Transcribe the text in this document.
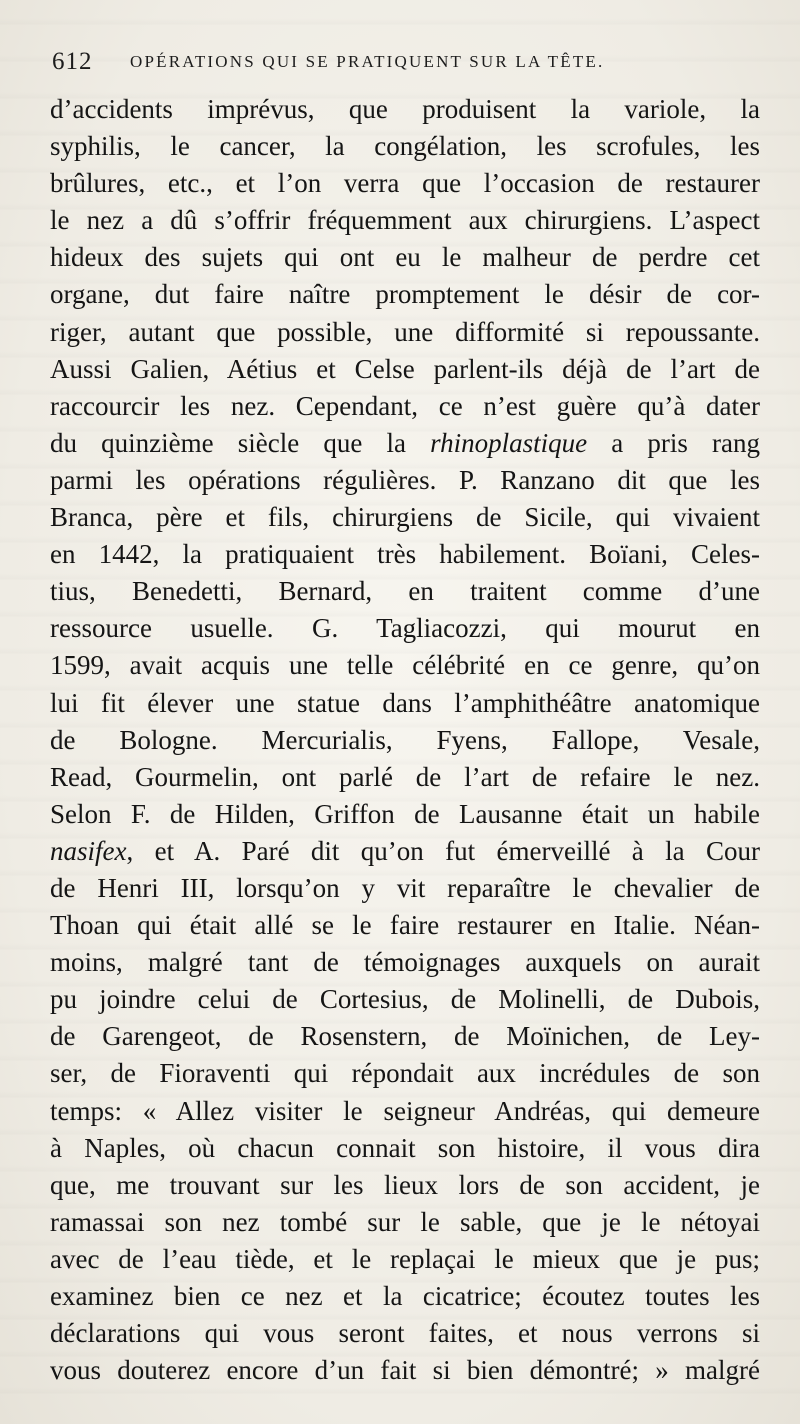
612 OPÉRATIONS QUI SE PRATIQUENT SUR LA TÊTE.
d’accidents imprévus, que produisent la variole, la
syphilis, le cancer, la congélation, les scrofules, les
brûlures, etc., et l’on verra que l’occasion de restaurer
le nez a dû s’offrir fréquemment aux chirurgiens. L’aspect
hideux des sujets qui ont eu le malheur de perdre cet
organe, dut faire naître promptement le désir de cor-
riger, autant que possible, une difformité si repoussante.
Aussi Galien, Aétius et Celse parlent-ils déjà de l’art de
raccourcir les nez. Cependant, ce n’est guère qu’à dater
du quinzième siècle que la rhinoplastique a pris rang
parmi les opérations régulières. P. Ranzano dit que les
Branca, père et fils, chirurgiens de Sicile, qui vivaient
en 1442, la pratiquaient très habilement. Boïani, Celes-
tius, Benedetti, Bernard, en traitent comme d’une
ressource usuelle. G. Tagliacozzi, qui mourut en
1599, avait acquis une telle célébrité en ce genre, qu’on
lui fit élever une statue dans l’amphithéâtre anatomique
de Bologne. Mercurialis, Fyens, Fallope, Vesale,
Read, Gourmelin, ont parlé de l’art de refaire le nez.
Selon F. de Hilden, Griffon de Lausanne était un habile
nasifex, et A. Paré dit qu’on fut émerveillé à la Cour
de Henri III, lorsqu’on y vit reparaître le chevalier de
Thoan qui était allé se le faire restaurer en Italie. Néan-
moins, malgré tant de témoignages auxquels on aurait
pu joindre celui de Cortesius, de Molinelli, de Dubois,
de Garengeot, de Rosenstern, de Moïnichen, de Ley-
ser, de Fioraventi qui répondait aux incrédules de son
temps: « Allez visiter le seigneur Andréas, qui demeure
à Naples, où chacun connait son histoire, il vous dira
que, me trouvant sur les lieux lors de son accident, je
ramassai son nez tombé sur le sable, que je le nétoyai
avec de l’eau tiède, et le replaçai le mieux que je pus;
examinez bien ce nez et la cicatrice; écoutez toutes les
déclarations qui vous seront faites, et nous verrons si
vous douterez encore d’un fait si bien démontré; » malgré
